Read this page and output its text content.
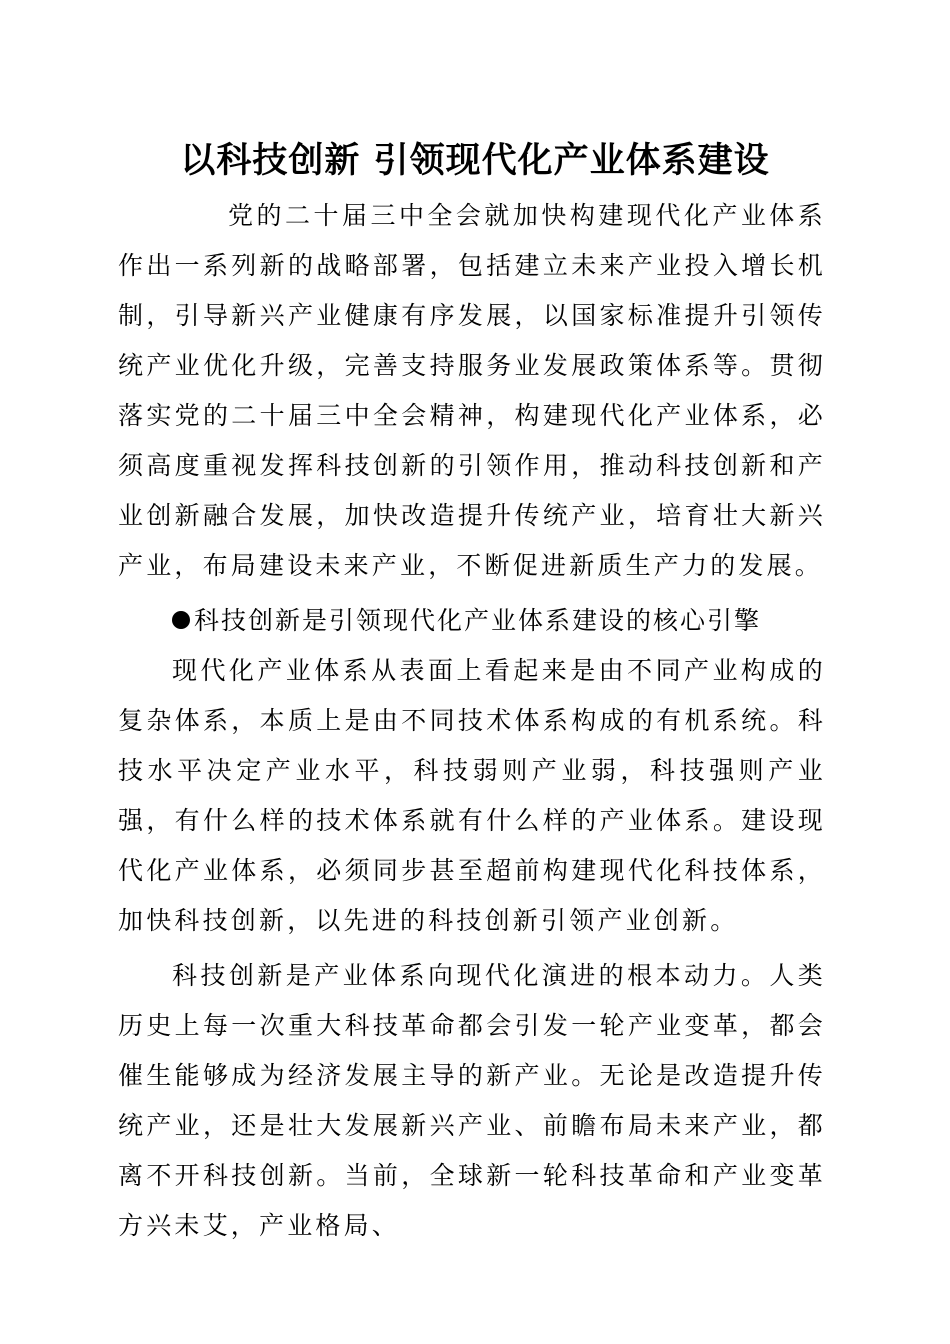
以科技创新 引领现代化产业体系建设

党的二十届三中全会就加快构建现代化产业体系作出一系列新的战略部署，包括建立未来产业投入增长机制，引导新兴产业健康有序发展，以国家标准提升引领传统产业优化升级，完善支持服务业发展政策体系等。贯彻落实党的二十届三中全会精神，构建现代化产业体系，必须高度重视发挥科技创新的引领作用，推动科技创新和产业创新融合发展，加快改造提升传统产业，培育壮大新兴产业，布局建设未来产业，不断促进新质生产力的发展。

科技创新是引领现代化产业体系建设的核心引擎

现代化产业体系从表面上看起来是由不同产业构成的复杂体系，本质上是由不同技术体系构成的有机系统。科技水平决定产业水平，科技弱则产业弱，科技强则产业强，有什么样的技术体系就有什么样的产业体系。建设现代化产业体系，必须同步甚至超前构建现代化科技体系，加快科技创新，以先进的科技创新引领产业创新。

科技创新是产业体系向现代化演进的根本动力。人类历史上每一次重大科技革命都会引发一轮产业变革，都会催生能够成为经济发展主导的新产业。无论是改造提升传统产业，还是壮大发展新兴产业、前瞻布局未来产业，都离不开科技创新。当前，全球新一轮科技革命和产业变革方兴未艾，产业格局、
